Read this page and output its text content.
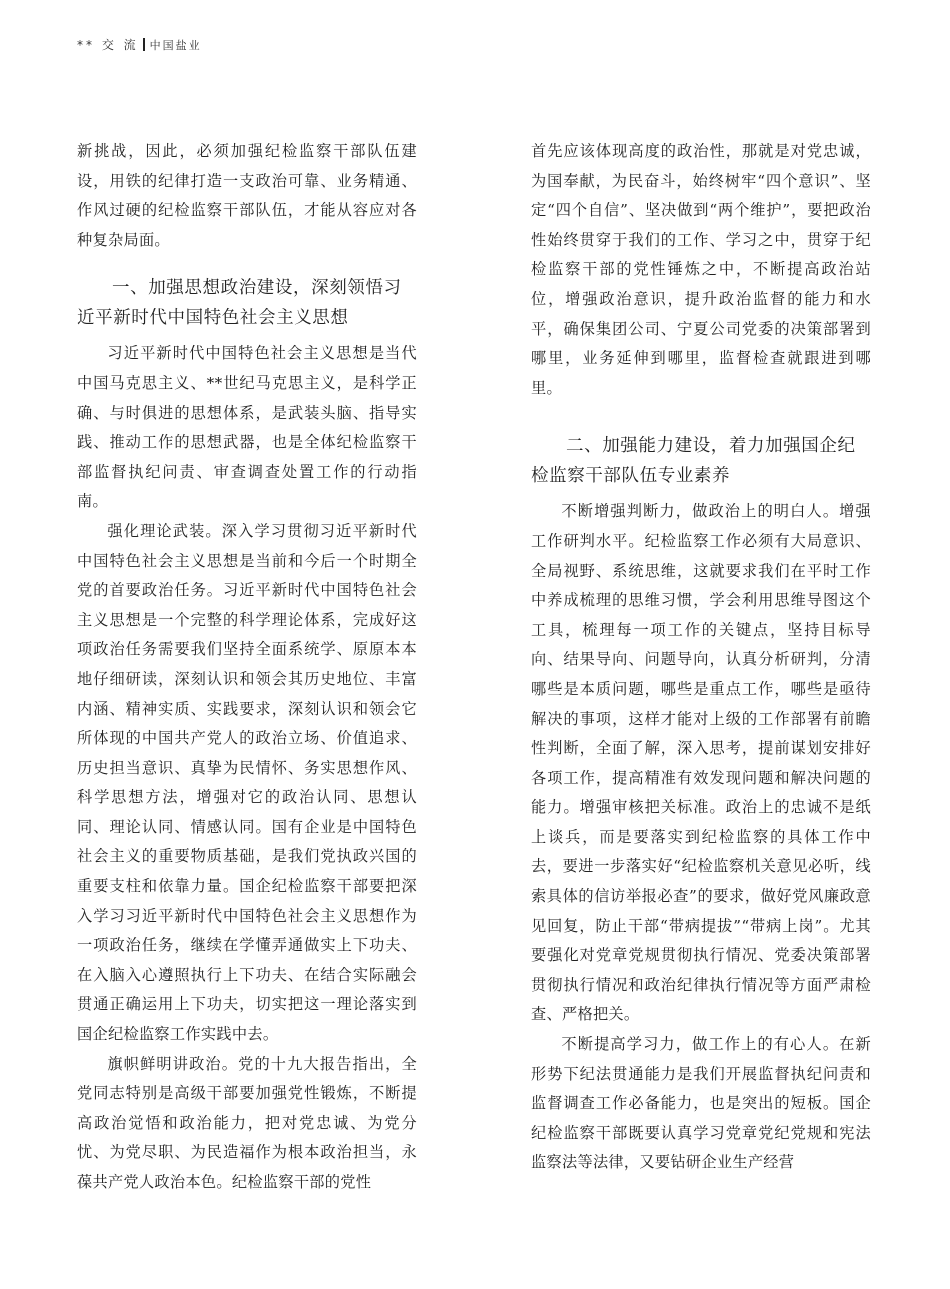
** 交 流 中国盐业

新挑战，因此，必须加强纪检监察干部队伍建设，用铁的纪律打造一支政治可靠、业务精通、作风过硬的纪检监察干部队伍，才能从容应对各种复杂局面。

一、加强思想政治建设，深刻领悟习近平新时代中国特色社会主义思想

习近平新时代中国特色社会主义思想是当代中国马克思主义、**世纪马克思主义，是科学正确、与时俱进的思想体系，是武装头脑、指导实践、推动工作的思想武器，也是全体纪检监察干部监督执纪问责、审查调查处置工作的行动指南。

强化理论武装。深入学习贯彻习近平新时代中国特色社会主义思想是当前和今后一个时期全党的首要政治任务。习近平新时代中国特色社会主义思想是一个完整的科学理论体系，完成好这项政治任务需要我们坚持全面系统学、原原本本地仔细研读，深刻认识和领会其历史地位、丰富内涵、精神实质、实践要求，深刻认识和领会它所体现的中国共产党人的政治立场、价值追求、历史担当意识、真挚为民情怀、务实思想作风、科学思想方法，增强对它的政治认同、思想认同、理论认同、情感认同。国有企业是中国特色社会主义的重要物质基础，是我们党执政兴国的重要支柱和依靠力量。国企纪检监察干部要把深入学习习近平新时代中国特色社会主义思想作为一项政治任务，继续在学懂弄通做实上下功夫、在入脑入心遵照执行上下功夫、在结合实际融会贯通正确运用上下功夫，切实把这一理论落实到国企纪检监察工作实践中去。

旗帜鲜明讲政治。党的十九大报告指出，全党同志特别是高级干部要加强党性锻炼，不断提高政治觉悟和政治能力，把对党忠诚、为党分忧、为党尽职、为民造福作为根本政治担当，永葆共产党人政治本色。纪检监察干部的党性

首先应该体现高度的政治性，那就是对党忠诚，为国奉献，为民奋斗，始终树牢“四个意识”、坚定“四个自信”、坚决做到“两个维护”，要把政治性始终贯穿于我们的工作、学习之中，贯穿于纪检监察干部的党性锤炼之中，不断提高政治站位，增强政治意识，提升政治监督的能力和水平，确保集团公司、宁夏公司党委的决策部署到哪里，业务延伸到哪里，监督检查就跟进到哪里。

二、加强能力建设，着力加强国企纪检监察干部队伍专业素养

不断增强判断力，做政治上的明白人。增强工作研判水平。纪检监察工作必须有大局意识、全局视野、系统思维，这就要求我们在平时工作中养成梳理的思维习惯，学会利用思维导图这个工具，梳理每一项工作的关键点，坚持目标导向、结果导向、问题导向，认真分析研判，分清哪些是本质问题，哪些是重点工作，哪些是亟待解决的事项，这样才能对上级的工作部署有前瞻性判断，全面了解，深入思考，提前谋划安排好各项工作，提高精准有效发现问题和解决问题的能力。增强审核把关标准。政治上的忠诚不是纸上谈兵，而是要落实到纪检监察的具体工作中去，要进一步落实好“纪检监察机关意见必听，线索具体的信访举报必查”的要求，做好党风廉政意见回复，防止干部“带病提拔”“带病上岗”。尤其要强化对党章党规贯彻执行情况、党委决策部署贯彻执行情况和政治纪律执行情况等方面严肃检查、严格把关。

不断提高学习力，做工作上的有心人。在新形势下纪法贯通能力是我们开展监督执纪问责和监督调查工作必备能力，也是突出的短板。国企纪检监察干部既要认真学习党章党纪党规和宪法监察法等法律，又要钻研企业生产经营
